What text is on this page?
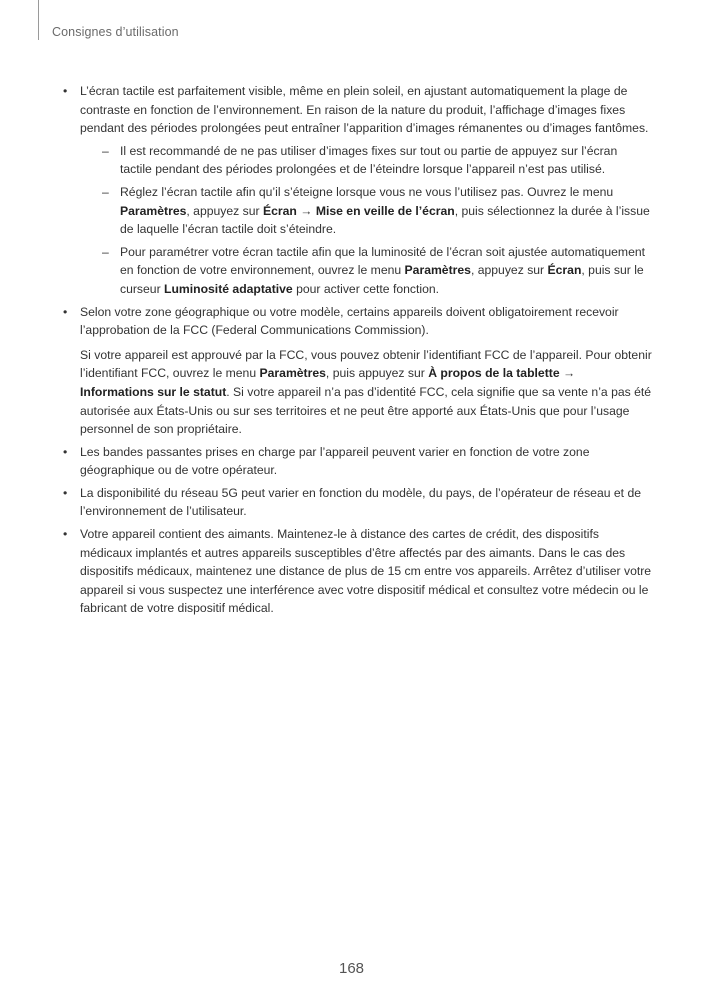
Consignes d’utilisation
• L’écran tactile est parfaitement visible, même en plein soleil, en ajustant automatiquement la plage de contraste en fonction de l’environnement. En raison de la nature du produit, l’affichage d’images fixes pendant des périodes prolongées peut entraîner l’apparition d’images rémanentes ou d’images fantômes.

– Il est recommandé de ne pas utiliser d’images fixes sur tout ou partie de appuyez sur l’écran tactile pendant des périodes prolongées et de l’éteindre lorsque l’appareil n’est pas utilisé.
– Réglez l’écran tactile afin qu’il s’éteigne lorsque vous ne vous l’utilisez pas. Ouvrez le menu Paramètres, appuyez sur Écran → Mise en veille de l’écran, puis sélectionnez la durée à l’issue de laquelle l’écran tactile doit s’éteindre.
– Pour paramétrer votre écran tactile afin que la luminosité de l’écran soit ajustée automatiquement en fonction de votre environnement, ouvrez le menu Paramètres, appuyez sur Écran, puis sur le curseur Luminosité adaptative pour activer cette fonction.
• Selon votre zone géographique ou votre modèle, certains appareils doivent obligatoirement recevoir l’approbation de la FCC (Federal Communications Commission).

Si votre appareil est approuvé par la FCC, vous pouvez obtenir l’identifiant FCC de l’appareil. Pour obtenir l’identifiant FCC, ouvrez le menu Paramètres, puis appuyez sur À propos de la tablette → Informations sur le statut. Si votre appareil n’a pas d’identité FCC, cela signifie que sa vente n’a pas été autorisée aux États-Unis ou sur ses territoires et ne peut être apporté aux États-Unis que pour l’usage personnel de son propriétaire.

• Les bandes passantes prises en charge par l’appareil peuvent varier en fonction de votre zone géographique ou de votre opérateur.

• La disponibilité du réseau 5G peut varier en fonction du modèle, du pays, de l’opérateur de réseau et de l’environnement de l’utilisateur.

• Votre appareil contient des aimants. Maintenez-le à distance des cartes de crédit, des dispositifs médicaux implantés et autres appareils susceptibles d’être affectés par des aimants. Dans le cas des dispositifs médicaux, maintenez une distance de plus de 15 cm entre vos appareils. Arrêtez d’utiliser votre appareil si vous suspectez une interférence avec votre dispositif médical et consultez votre médecin ou le fabricant de votre dispositif médical.

168
